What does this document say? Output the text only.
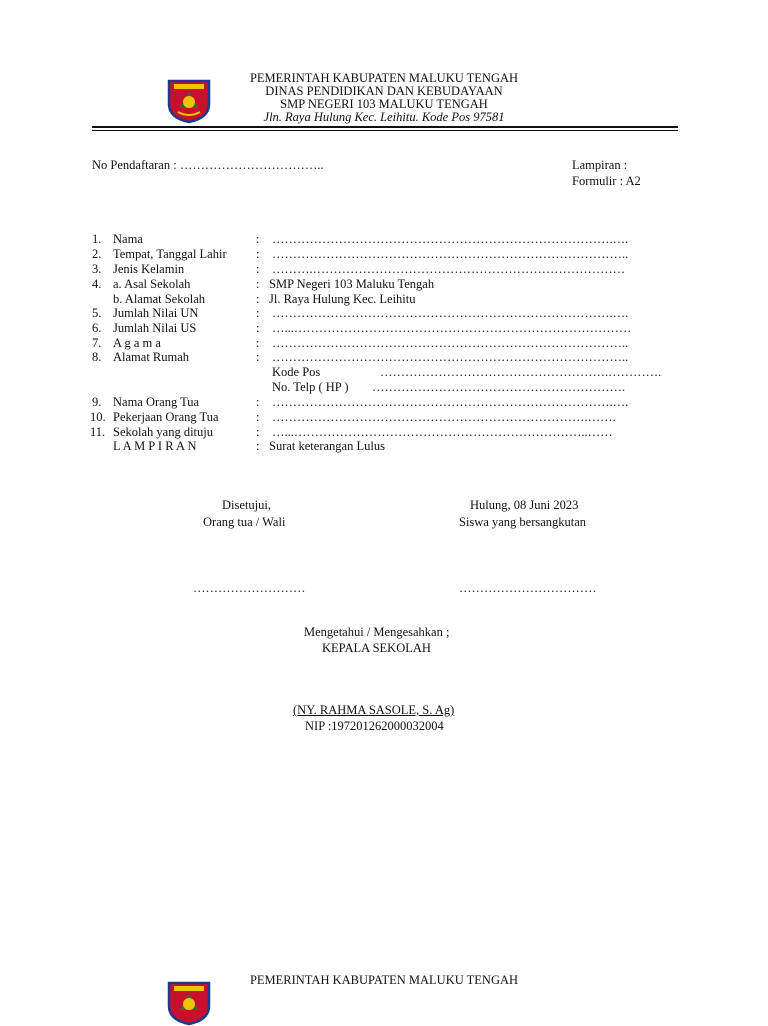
PEMERINTAH KABUPATEN MALUKU TENGAH
DINAS PENDIDIKAN DAN KEBUDAYAAN
SMP NEGERI 103 MALUKU TENGAH
Jln. Raya Hulung Kec. Leihitu. Kode Pos 97581
No Pendaftaran : ……………………………..	Lampiran :
Formulir : A2
1. Nama	: ……………………………………………………………………….….
2. Tempat, Tanggal Lahir : …………………………………………………………………………..
3. Jenis Kelamin	: ……….…………………………………………………………………
4. a. Asal Sekolah	: SMP Negeri 103 Maluku Tengah
b. Alamat Sekolah	: Jl. Raya Hulung Kec. Leihitu
5. Jumlah Nilai UN	: ……………………………………………………………………….….
6. Jumlah Nilai US	: …...………………………………………………………………………
7. A g a m a	: …………………………………………………………………………..
8. Alamat Rumah	: …………………………………………………………………………..
Kode Pos	……………………………………………….………….
No. Telp ( HP ) …………………………………………………….
9. Nama Orang Tua	: ……………………………………………………………………….….
10. Pekerjaan Orang Tua	: ………………………………………………………………….…….
11. Sekolah yang dituju	: …...……………………………………………………………..……
L A M P I R A N	: Surat keterangan Lulus
Disetujui,
Orang tua / Wali
Hulung, 08 Juni 2023
Siswa yang bersangkutan
………………………	……………………………
Mengetahui / Mengesahkan ;
KEPALA SEKOLAH
(NY. RAHMA SASOLE, S. Ag)
NIP :197201262000032004
PEMERINTAH KABUPATEN MALUKU TENGAH
